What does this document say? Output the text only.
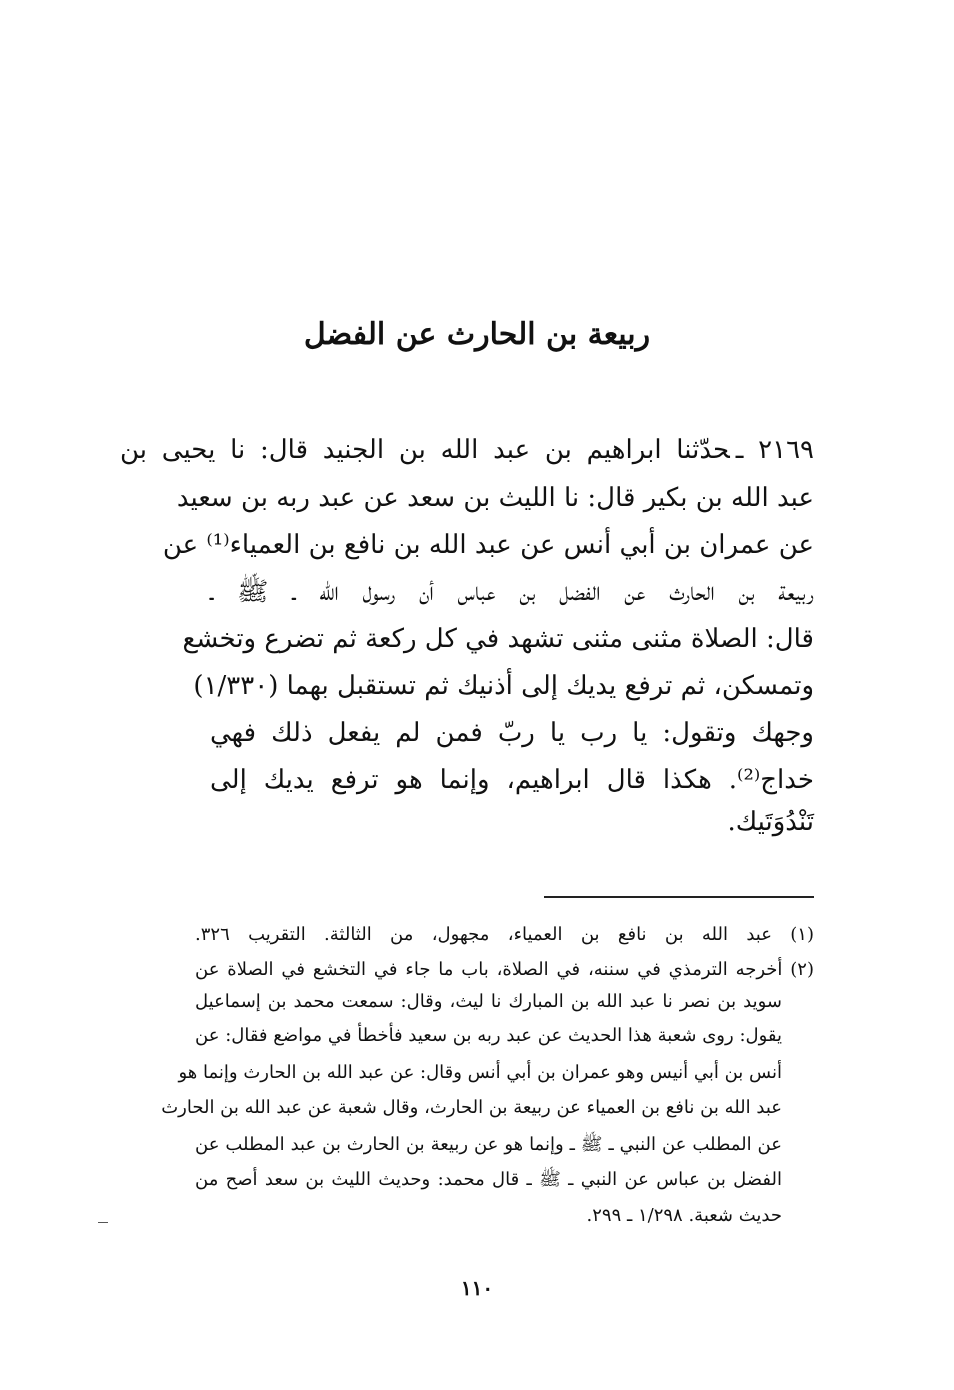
ربيعة بن الحارث عن الفضل
٢١٦٩ ـحدّثنا ابراهيم بن عبد الله بن الجنيد قال: نا يحيى بن
عبد الله بن بكير قال: نا الليث بن سعد عن عبد ربه بن سعيد
عن عمران بن أبي أنس عن عبد الله بن نافع بن العمياء⁽¹⁾ عن
ربيعة بن الحارث عن الفضل بن عباس أن رسول الله ـ ﷺ ـ
قال: الصلاة مثنى مثنى تشهد في كل ركعة ثم تضرع وتخشع
وتمسكن، ثم ترفع يديك إلى أذنيك ثم تستقبل بهما (١/٣٣٠)
وجهك وتقول: يا رب يا ربّ فمن لم يفعل ذلك فهي
خداج⁽²⁾. هكذا قال ابراهيم، وإنما هو ترفع يديك إلى
تَنْدُوَتَيك.
(١) عبد الله بن نافع بن العمياء، مجهول، من الثالثة. التقريب ٣٢٦.
(٢) أخرجه الترمذي في سننه، في الصلاة، باب ما جاء في التخشع في الصلاة عن
سويد بن نصر نا عبد الله بن المبارك نا ليث، وقال: سمعت محمد بن إسماعيل
يقول: روى شعبة هذا الحديث عن عبد ربه بن سعيد فأخطأ في مواضع فقال: عن
أنس بن أبي أنيس وهو عمران بن أبي أنس وقال: عن عبد الله بن الحارث وإنما هو
عبد الله بن نافع بن العمياء عن ربيعة بن الحارث، وقال شعبة عن عبد الله بن الحارث
عن المطلب عن النبي ـ ﷺ ـ وإنما هو عن ربيعة بن الحارث بن عبد المطلب عن
الفضل بن عباس عن النبي ـ ﷺ ـ قال محمد: وحديث الليث بن سعد أصح من
حديث شعبة. ١/٢٩٨ ـ ٢٩٩.
١١٠
